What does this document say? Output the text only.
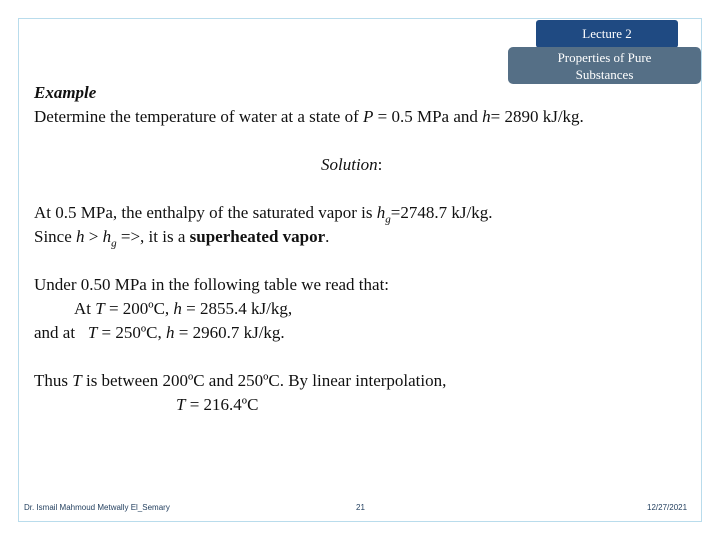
Lecture 2
Properties of Pure
Substances
Example
Determine the temperature of water at a state of P = 0.5 MPa and h= 2890 kJ/kg.
Solution:
At 0.5 MPa, the enthalpy of the saturated vapor is $h_g=2748.7$ kJ/kg.
Since $h > h_g$ =>, it is a superheated vapor.
Under 0.50 MPa in the following table we read that:
At T = 200ºC, h = 2855.4 kJ/kg,
and at   T = 250ºC, h = 2960.7 kJ/kg.
Thus T is between 200ºC and 250ºC. By linear interpolation,
T = 216.4ºC
Dr. Ismail Mahmoud Metwally El_Semary	21	12/27/2021
